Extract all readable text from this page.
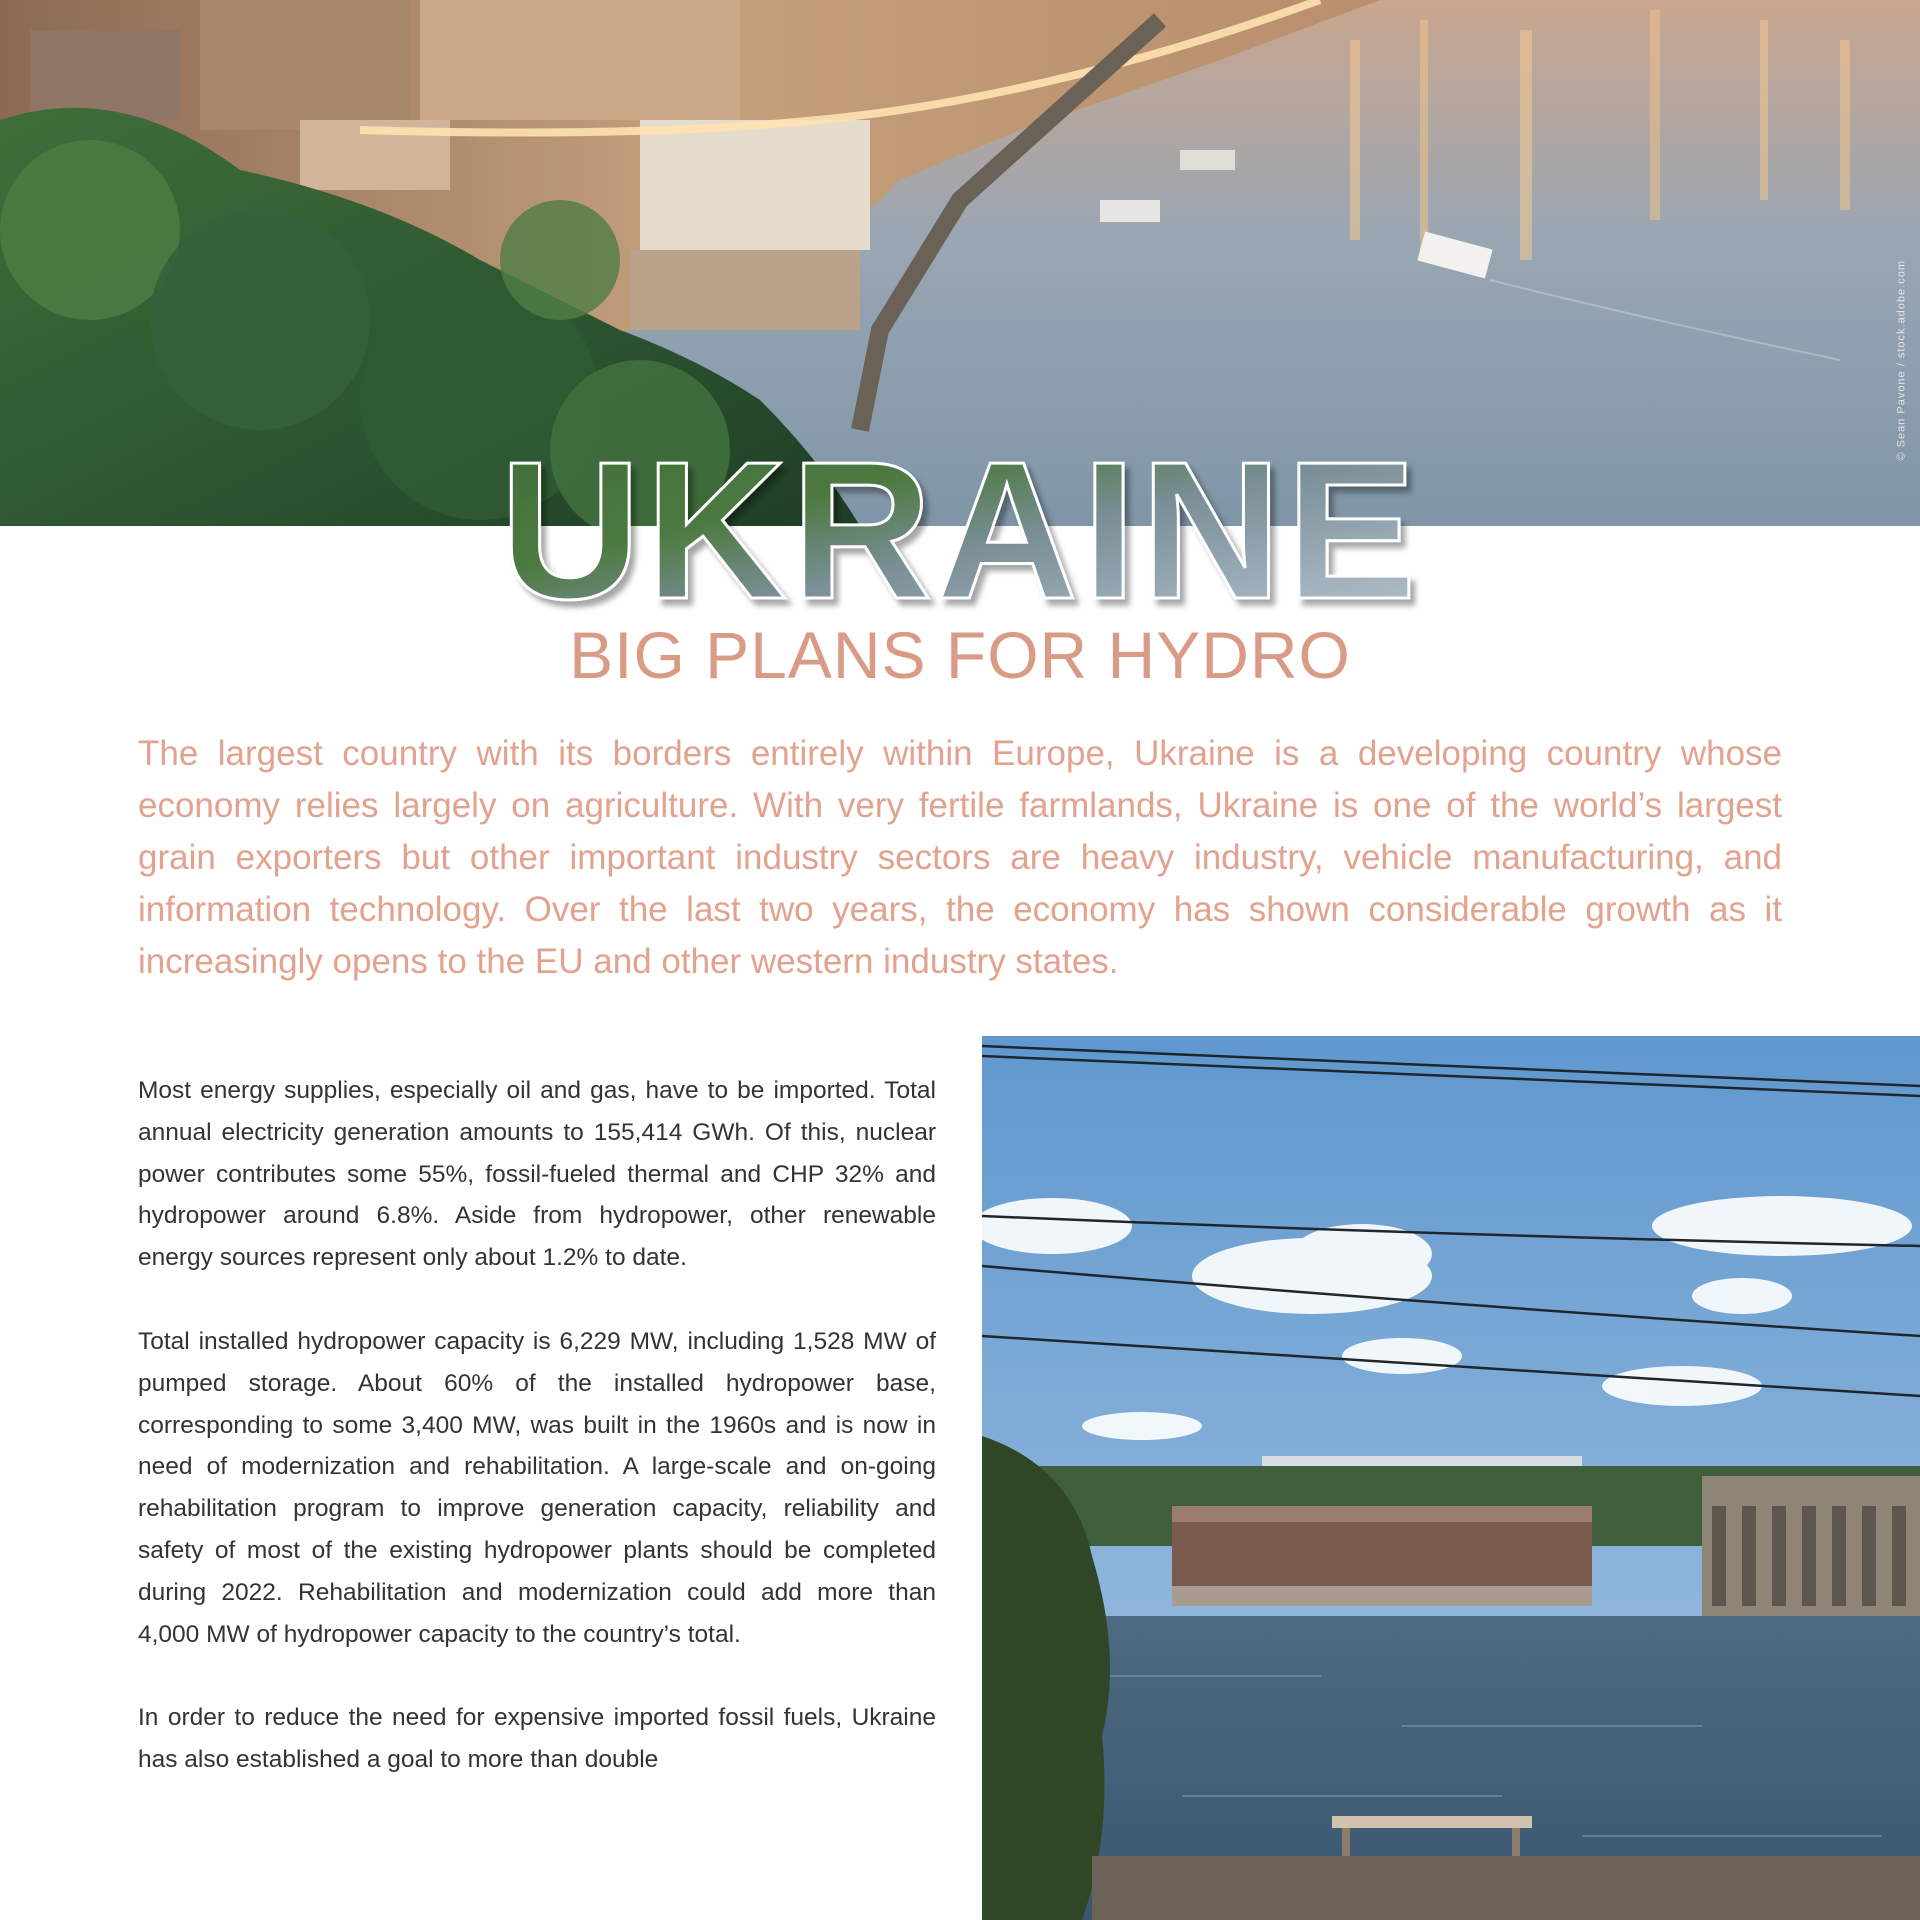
© Sean Pavone / stock.adobe.com
UKRAINE
BIG PLANS FOR HYDRO

The largest country with its borders entirely within Europe, Ukraine is a developing country whose economy relies largely on agriculture. With very fertile farmlands, Ukraine is one of the world’s largest grain exporters but other important industry sectors are heavy industry, vehicle manufacturing, and information technology. Over the last two years, the economy has shown considerable growth as it increasingly opens to the EU and other western industry states.

Most energy supplies, especially oil and gas, have to be imported. Total annual electricity generation amounts to 155,414 GWh. Of this, nuclear power contributes some 55%, fossil-fueled thermal and CHP 32% and hydropower around 6.8%. Aside from hydropower, other renewable energy sources represent only about 1.2% to date.

Total installed hydropower capacity is 6,229 MW, including 1,528 MW of pumped storage. About 60% of the installed hydropower base, corresponding to some 3,400 MW, was built in the 1960s and is now in need of modernization and rehabilitation. A large-scale and on-going rehabilitation program to improve generation capacity, reliability and safety of most of the existing hydropower plants should be completed during 2022. Rehabilitation and modernization could add more than 4,000 MW of hydropower capacity to the country’s total.

In order to reduce the need for expensive imported fossil fuels, Ukraine has also established a goal to more than double
